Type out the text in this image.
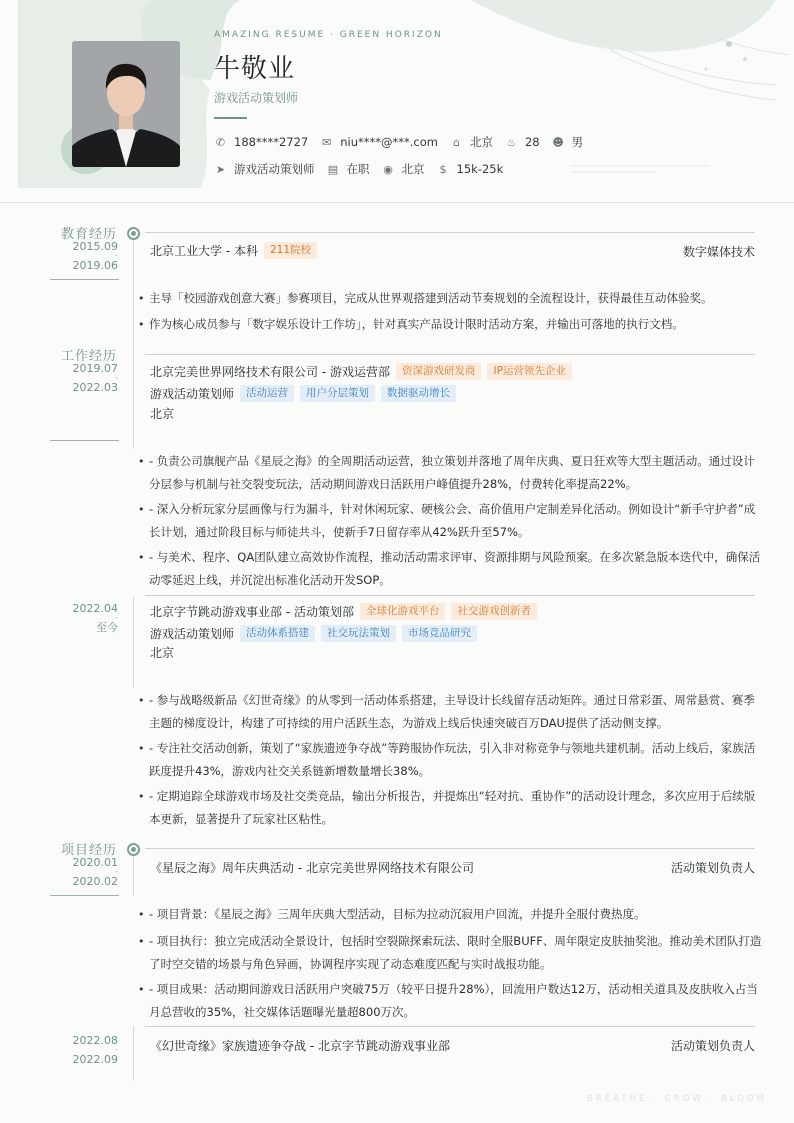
AMAZING RESUME · GREEN HORIZON
牛敬业
游戏活动策划师
✆ 188****2727 ✉ niu****@***.com ⌂ 北京 ♨ 28 ☻ 男
➤ 游戏活动策划师 ▤ 在职 ◉ 北京 $ 15k-25k
教育经历
2015.09
-
2019.06
北京工业大学 - 本科	211院校	数字媒体技术
• 主导「校园游戏创意大赛」参赛项目，完成从世界观搭建到活动节奏规划的全流程设计，获得最佳互动体验奖。
• 作为核心成员参与「数字娱乐设计工作坊」，针对真实产品设计限时活动方案，并输出可落地的执行文档。
工作经历
2019.07
-
2022.03
北京完美世界网络技术有限公司 - 游戏运营部	资深游戏研发商	IP运营领先企业
游戏活动策划师	活动运营	用户分层策划	数据驱动增长
北京
• - 负责公司旗舰产品《星辰之海》的全周期活动运营，独立策划并落地了周年庆典、夏日狂欢等大型主题活动。通过设计分层参与机制与社交裂变玩法，活动期间游戏日活跃用户峰值提升28%，付费转化率提高22%。
• - 深入分析玩家分层画像与行为漏斗，针对休闲玩家、硬核公会、高价值用户定制差异化活动。例如设计“新手守护者”成长计划，通过阶段目标与师徒共斗，使新手7日留存率从42%跃升至57%。
• - 与美术、程序、QA团队建立高效协作流程，推动活动需求评审、资源排期与风险预案。在多次紧急版本迭代中，确保活动零延迟上线，并沉淀出标准化活动开发SOP。
2022.04
-
至今
北京字节跳动游戏事业部 - 活动策划部	全球化游戏平台	社交游戏创新者
游戏活动策划师	活动体系搭建	社交玩法策划	市场竞品研究
北京
• - 参与战略级新品《幻世奇缘》的从零到一活动体系搭建，主导设计长线留存活动矩阵。通过日常彩蛋、周常悬赏、赛季主题的梯度设计，构建了可持续的用户活跃生态，为游戏上线后快速突破百万DAU提供了活动侧支撑。
• - 专注社交活动创新，策划了“家族遗迹争夺战”等跨服协作玩法，引入非对称竞争与领地共建机制。活动上线后，家族活跃度提升43%，游戏内社交关系链新增数量增长38%。
• - 定期追踪全球游戏市场及社交类竞品，输出分析报告，并提炼出“轻对抗、重协作”的活动设计理念，多次应用于后续版本更新，显著提升了玩家社区粘性。
项目经历
2020.01
-
2020.02
《星辰之海》周年庆典活动 - 北京完美世界网络技术有限公司	活动策划负责人
• - 项目背景：《星辰之海》三周年庆典大型活动，目标为拉动沉寂用户回流，并提升全服付费热度。
• - 项目执行：独立完成活动全景设计，包括时空裂隙探索玩法、限时全服BUFF、周年限定皮肤抽奖池。推动美术团队打造了时空交错的场景与角色异画，协调程序实现了动态难度匹配与实时战报功能。
• - 项目成果：活动期间游戏日活跃用户突破75万（较平日提升28%），回流用户数达12万，活动相关道具及皮肤收入占当月总营收的35%，社交媒体话题曝光量超800万次。
2022.08
-
2022.09
《幻世奇缘》家族遗迹争夺战 - 北京字节跳动游戏事业部	活动策划负责人
BREATHE · GROW · BLOOM
